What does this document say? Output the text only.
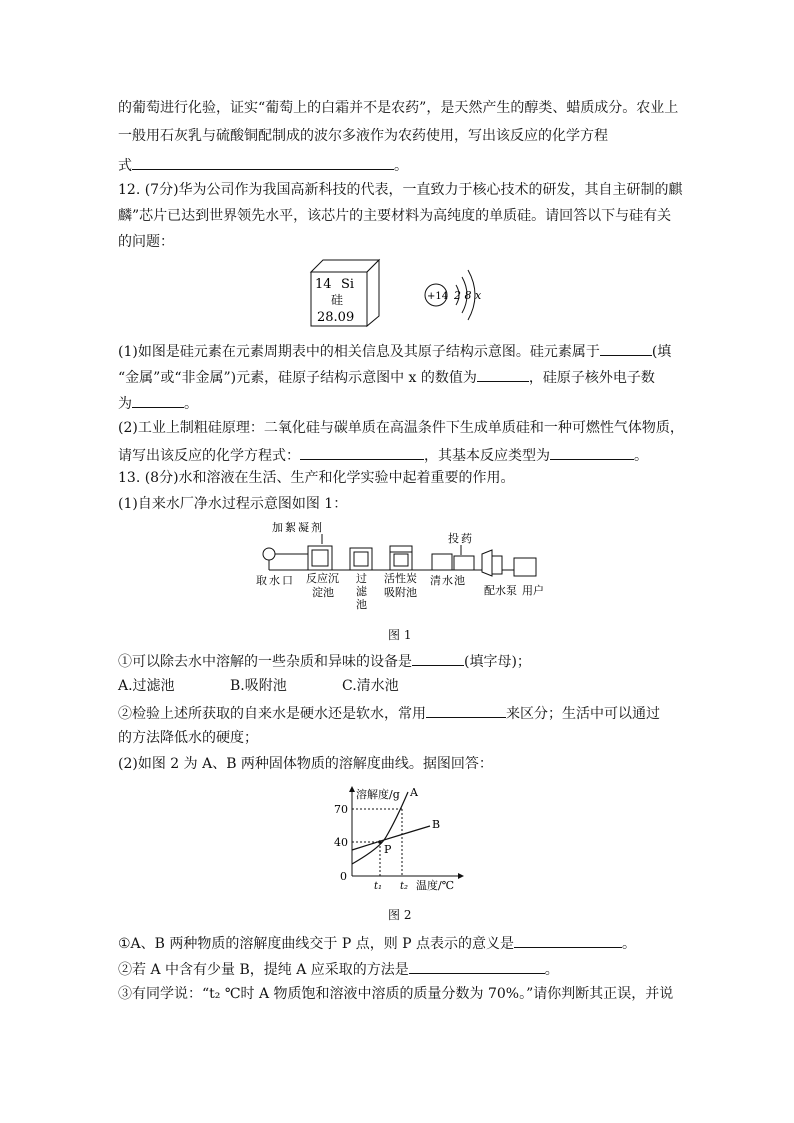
的葡萄进行化验，证实“葡萄上的白霜并不是农药”，是天然产生的醇类、蜡质成分。农业上
一般用石灰乳与硫酸铜配制成的波尔多液作为农药使用，写出该反应的化学方程
式	。
12. (7分)华为公司作为我国高新科技的代表，一直致力于核心技术的研发，其自主研制的麒
麟”芯片已达到世界领先水平，该芯片的主要材料为高纯度的单质硅。请回答以下与硅有关
的问题：
14 Si
硅
28.09
+14 2 8 x
(1)如图是硅元素在元素周期表中的相关信息及其原子结构示意图。硅元素属于	(填
“金属”或“非金属”)元素，硅原子结构示意图中 x 的数值为	，硅原子核外电子数
为	。
(2)工业上制粗硅原理：二氧化硅与碳单质在高温条件下生成单质硅和一种可燃性气体物质，
请写出该反应的化学方程式：	，其基本反应类型为	。
13. (8分)水和溶液在生活、生产和化学实验中起着重要的作用。
(1)自来水厂净水过程示意图如图 1：
加絮凝剂
投药
取水口 反应沉淀池
过滤池
活性炭吸附池
清水池
配水泵 用户
图 1
①可以除去水中溶解的一些杂质和异味的设备是	(填字母)；
A.过滤池	B.吸附池	C.清水池
②检验上述所获取的自来水是硬水还是软水，常用	来区分；生活中可以通过
的方法降低水的硬度；
(2)如图 2 为 A、B 两种固体物质的溶解度曲线。据图回答：
溶解度/g
温度/℃
70
40
0
t₁ t₂
A
B
P
图 2
①A、B 两种物质的溶解度曲线交于 P 点，则 P 点表示的意义是	。
②若 A 中含有少量 B，提纯 A 应采取的方法是	。
③有同学说：“t₂ ℃时 A 物质饱和溶液中溶质的质量分数为 70%。”请你判断其正误，并说
